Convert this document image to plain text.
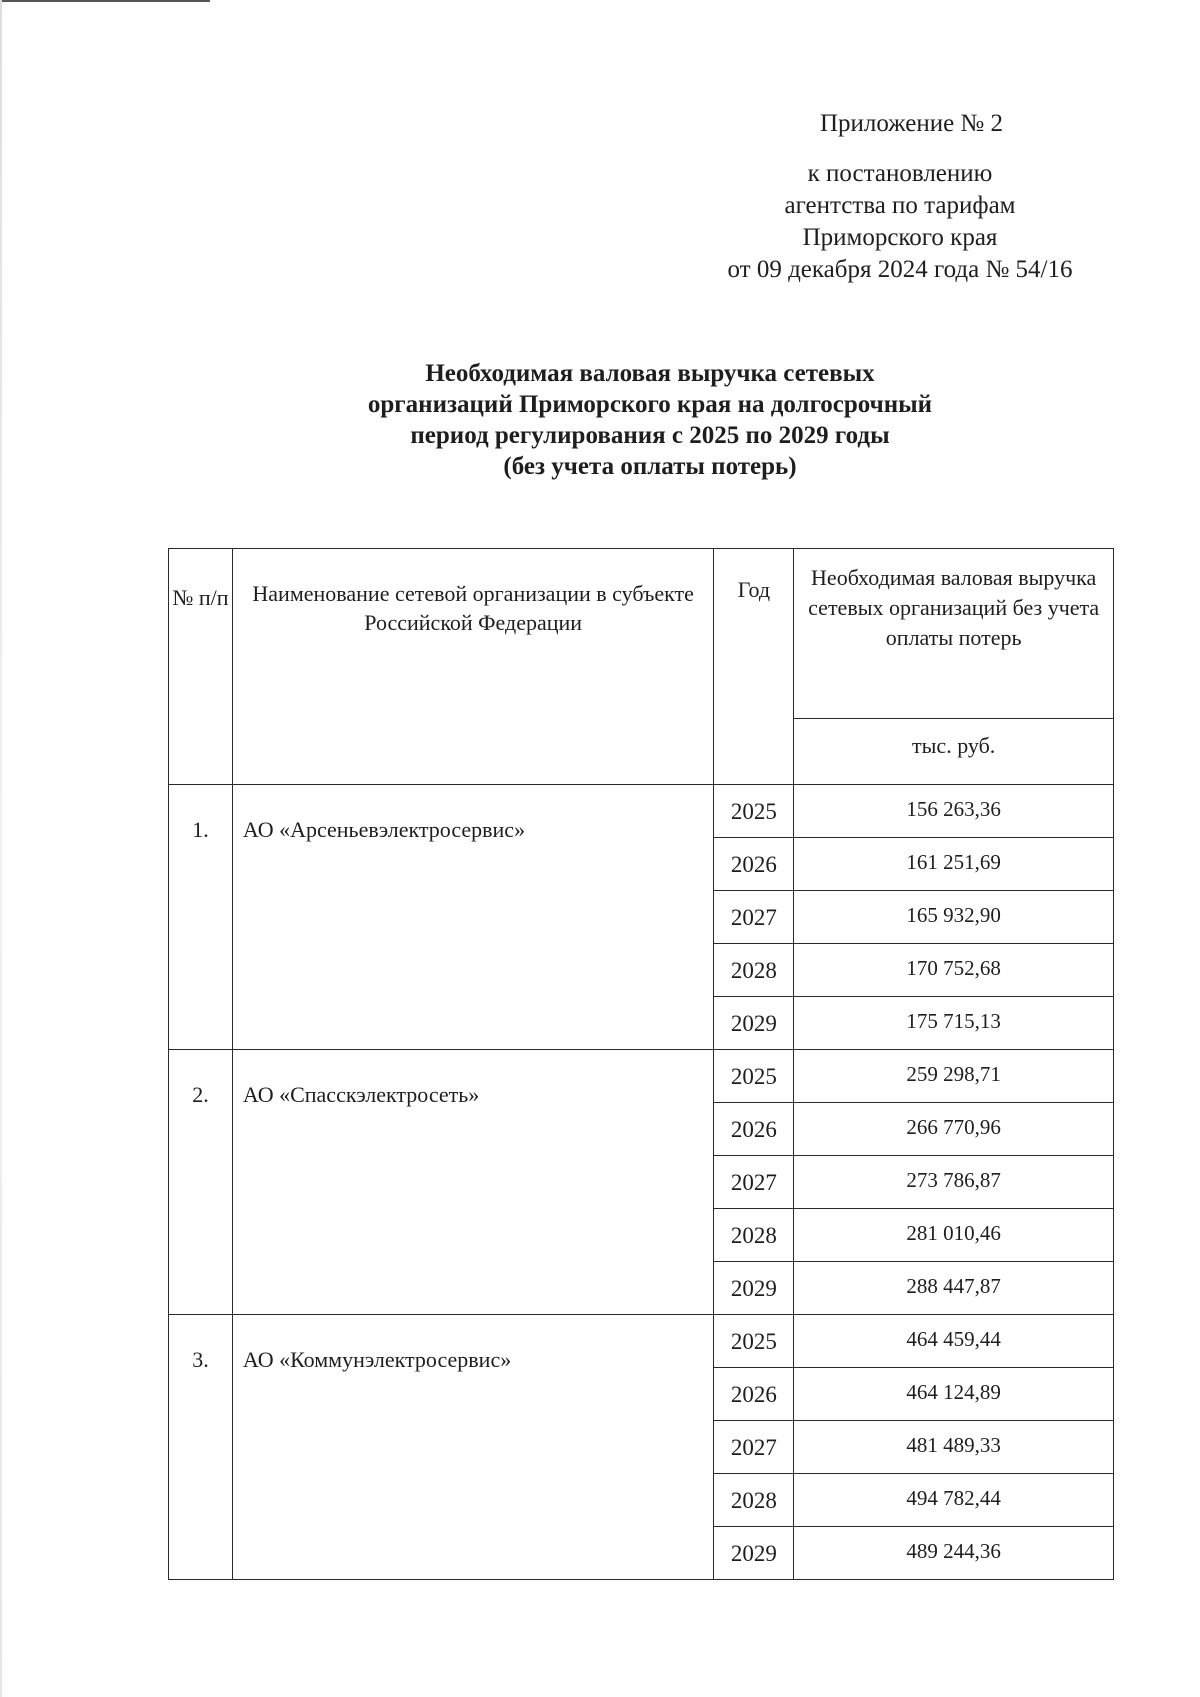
Приложение № 2
к постановлению
агентства по тарифам
Приморского края
от 09 декабря 2024 года № 54/16
Необходимая валовая выручка сетевых
организаций Приморского края на долгосрочный
период регулирования с 2025 по 2029 годы
(без учета оплаты потерь)
№ п/п	Наименование сетевой организации в субъекте Российской Федерации	Год	Необходимая валовая выручка сетевых организаций без учета оплаты потерь
			тыс. руб.
1.	АО «Арсеньевэлектросервис»	2025	156 263,36
		2026	161 251,69
		2027	165 932,90
		2028	170 752,68
		2029	175 715,13
2.	АО «Спасскэлектросеть»	2025	259 298,71
		2026	266 770,96
		2027	273 786,87
		2028	281 010,46
		2029	288 447,87
3.	АО «Коммунэлектросервис»	2025	464 459,44
		2026	464 124,89
		2027	481 489,33
		2028	494 782,44
		2029	489 244,36
